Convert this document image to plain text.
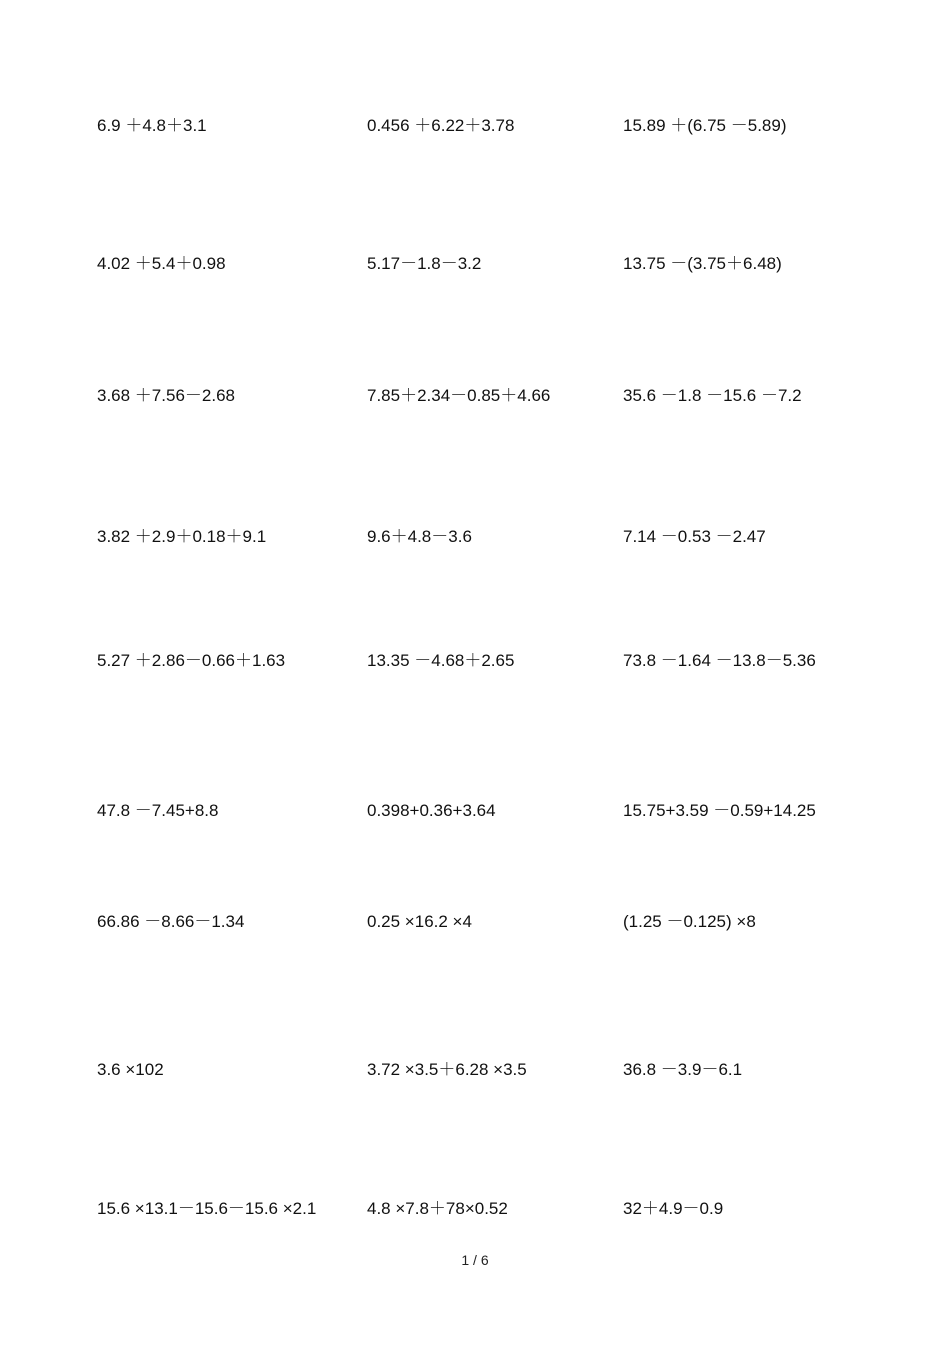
6.9 ＋4.8＋3.1	0.456 ＋6.22＋3.78	15.89 ＋(6.75 －5.89)
4.02 ＋5.4＋0.98	5.17－1.8－3.2	13.75 －(3.75＋6.48)
3.68 ＋7.56－2.68	7.85＋2.34－0.85＋4.66	35.6 －1.8 －15.6 －7.2
3.82 ＋2.9＋0.18＋9.1	9.6＋4.8－3.6	7.14 －0.53 －2.47
5.27 ＋2.86－0.66＋1.63	13.35 －4.68＋2.65	73.8 －1.64 －13.8－5.36
47.8 －7.45+8.8	0.398+0.36+3.64	15.75+3.59 －0.59+14.25
66.86 －8.66－1.34	0.25 ×16.2 ×4	(1.25 －0.125) ×8
3.6 ×102	3.72 ×3.5＋6.28 ×3.5	36.8 －3.9－6.1
15.6 ×13.1－15.6－15.6 ×2.1	4.8 ×7.8＋78×0.52	32＋4.9－0.9
1 / 6
